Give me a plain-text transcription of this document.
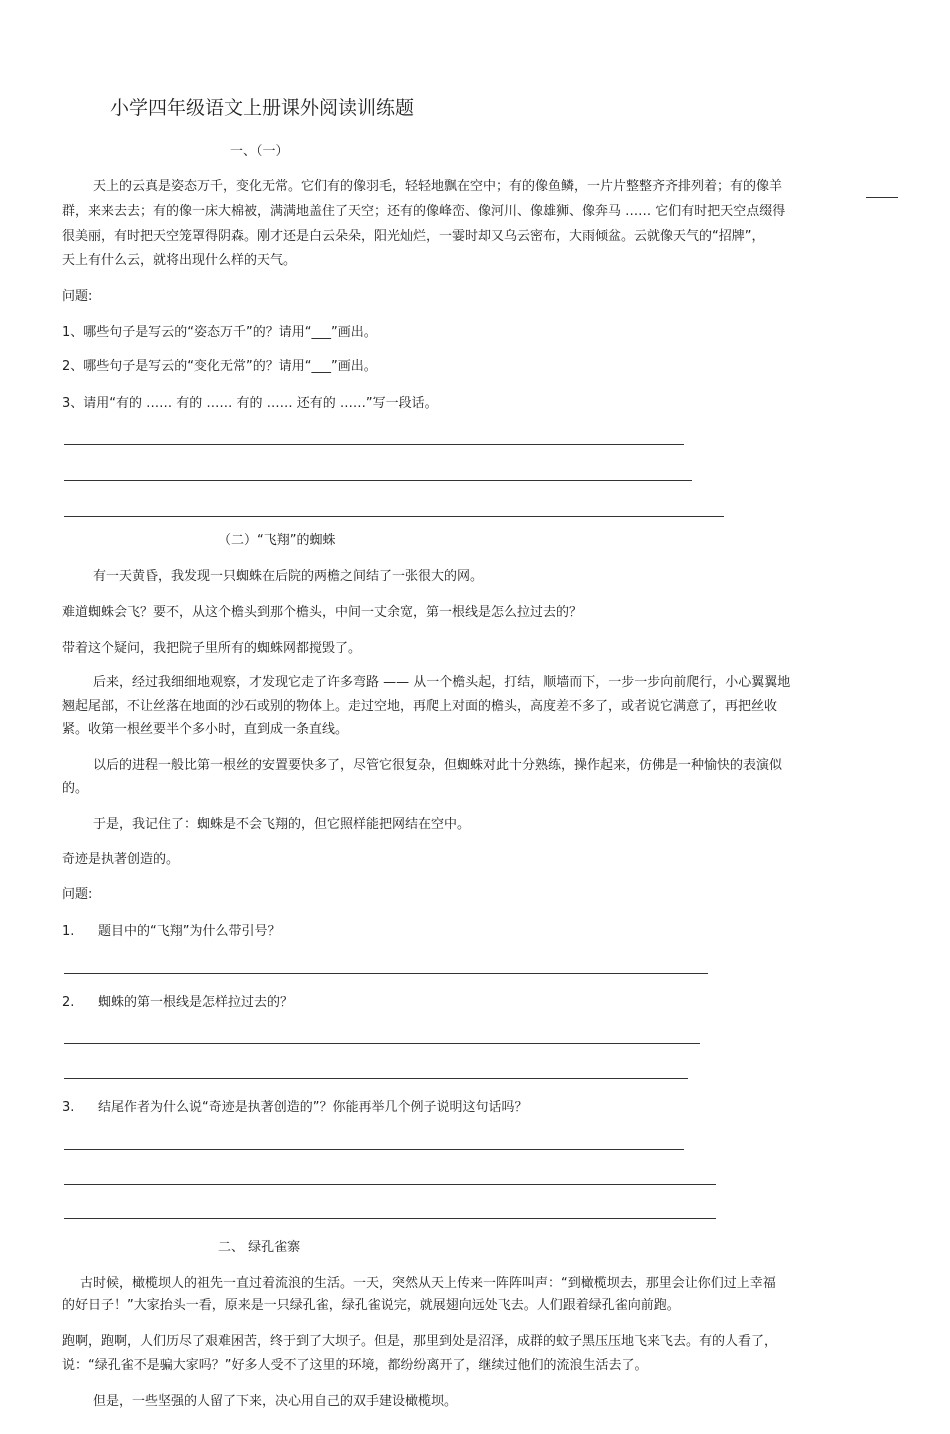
小学四年级语文上册课外阅读训练题
一、（一）
天上的云真是姿态万千，变化无常。它们有的像羽毛，轻轻地飘在空中；有的像鱼鳞，一片片整整齐齐排列着；有的像羊
群，来来去去；有的像一床大棉被，满满地盖住了天空；还有的像峰峦、像河川、像雄狮、像奔马 …… 它们有时把天空点缀得
很美丽，有时把天空笼罩得阴森。刚才还是白云朵朵，阳光灿烂，一霎时却又乌云密布，大雨倾盆。云就像天气的“招牌”，
天上有什么云，就将出现什么样的天气。
问题:
1、哪些句子是写云的“姿态万千”的？请用“___”画出。
2、哪些句子是写云的“变化无常”的？请用“___”画出。
3、请用“有的 …… 有的 …… 有的 …… 还有的 ……”写一段话。
（二）“飞翔”的蜘蛛
有一天黄昏，我发现一只蜘蛛在后院的两檐之间结了一张很大的网。
难道蜘蛛会飞？要不，从这个檐头到那个檐头，中间一丈余宽，第一根线是怎么拉过去的？
带着这个疑问，我把院子里所有的蜘蛛网都搅毁了。
后来，经过我细细地观察，才发现它走了许多弯路 —— 从一个檐头起，打结，顺墙而下，一步一步向前爬行，小心翼翼地
翘起尾部，不让丝落在地面的沙石或别的物体上。走过空地，再爬上对面的檐头，高度差不多了，或者说它满意了，再把丝收
紧。收第一根丝要半个多小时，直到成一条直线。
以后的进程一般比第一根丝的安置要快多了，尽管它很复杂，但蜘蛛对此十分熟练，操作起来，仿佛是一种愉快的表演似
的。
于是，我记住了：蜘蛛是不会飞翔的，但它照样能把网结在空中。
奇迹是执著创造的。
问题:
1. 题目中的“飞翔”为什么带引号？
2. 蜘蛛的第一根线是怎样拉过去的？
3. 结尾作者为什么说“奇迹是执著创造的”？你能再举几个例子说明这句话吗？
二、 绿孔雀寨
古时候，橄榄坝人的祖先一直过着流浪的生活。一天，突然从天上传来一阵阵叫声：“到橄榄坝去，那里会让你们过上幸福
的好日子！”大家抬头一看，原来是一只绿孔雀，绿孔雀说完，就展翅向远处飞去。人们跟着绿孔雀向前跑。
跑啊，跑啊，人们历尽了艰难困苦，终于到了大坝子。但是，那里到处是沼泽，成群的蚊子黑压压地飞来飞去。有的人看了，
说：“绿孔雀不是骗大家吗？”好多人受不了这里的环境，都纷纷离开了，继续过他们的流浪生活去了。
但是，一些坚强的人留了下来，决心用自己的双手建设橄榄坝。
